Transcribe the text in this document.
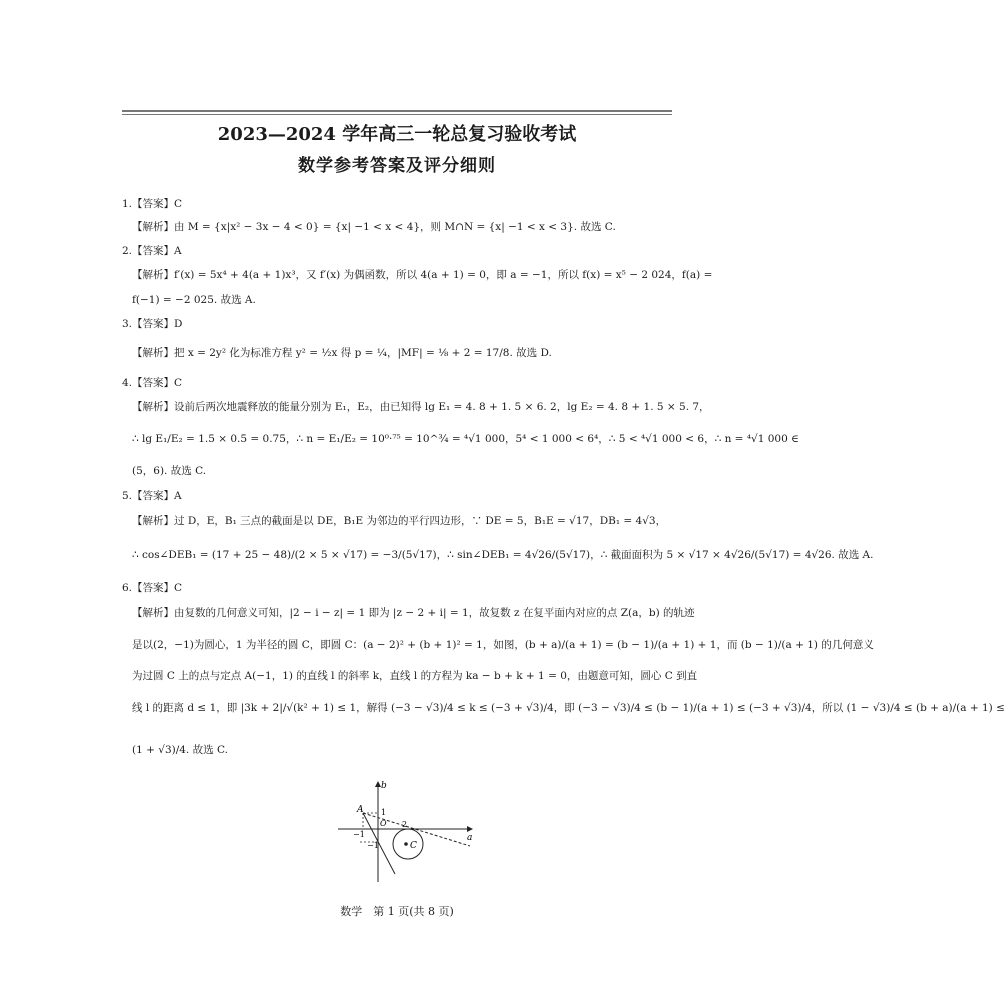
2023—2024 学年高三一轮总复习验收考试
数学参考答案及评分细则
1.【答案】C
【解析】由 M = {x|x² − 3x − 4 < 0} = {x| −1 < x < 4}，则 M∩N = {x| −1 < x < 3}. 故选 C.
2.【答案】A
【解析】f′(x) = 5x⁴ + 4(a + 1)x³，又 f′(x) 为偶函数，所以 4(a + 1) = 0，即 a = −1，所以 f(x) = x⁵ − 2 024，f(a) =
f(−1) = −2 025. 故选 A.
3.【答案】D
【解析】把 x = 2y² 化为标准方程 y² = ½x 得 p = ¼，|MF| = ⅛ + 2 = 17/8. 故选 D.
4.【答案】C
【解析】设前后两次地震释放的能量分别为 E₁，E₂，由已知得 lg E₁ = 4. 8 + 1. 5 × 6. 2，lg E₂ = 4. 8 + 1. 5 × 5. 7，
∴ lg E₁/E₂ = 1.5 × 0.5 = 0.75，∴ n = E₁/E₂ = 10⁰·⁷⁵ = 10^¾ = ⁴√1 000，5⁴ < 1 000 < 6⁴，∴ 5 < ⁴√1 000 < 6，∴ n = ⁴√1 000 ∈
(5，6). 故选 C.
5.【答案】A
【解析】过 D，E，B₁ 三点的截面是以 DE，B₁E 为邻边的平行四边形，∵ DE = 5，B₁E = √17，DB₁ = 4√3，
∴ cos∠DEB₁ = (17 + 25 − 48)/(2 × 5 × √17) = −3/(5√17)，∴ sin∠DEB₁ = 4√26/(5√17)，∴ 截面面积为 5 × √17 × 4√26/(5√17) = 4√26. 故选 A.
6.【答案】C
【解析】由复数的几何意义可知，|2 − i − z| = 1 即为 |z − 2 + i| = 1，故复数 z 在复平面内对应的点 Z(a，b) 的轨迹
是以(2，−1)为圆心，1 为半径的圆 C，即圆 C：(a − 2)² + (b + 1)² = 1，如图，(b + a)/(a + 1) = (b − 1)/(a + 1) + 1，而 (b − 1)/(a + 1) 的几何意义
为过圆 C 上的点与定点 A(−1，1) 的直线 l 的斜率 k，直线 l 的方程为 ka − b + k + 1 = 0，由题意可知，圆心 C 到直
线 l 的距离 d ≤ 1，即 |3k + 2|/√(k² + 1) ≤ 1，解得 (−3 − √3)/4 ≤ k ≤ (−3 + √3)/4，即 (−3 − √3)/4 ≤ (b − 1)/(a + 1) ≤ (−3 + √3)/4，所以 (1 − √3)/4 ≤ (b + a)/(a + 1) ≤
(1 + √3)/4. 故选 C.
b
a
C
A
O
−1
1
2
−1
数学　第 1 页(共 8 页)
